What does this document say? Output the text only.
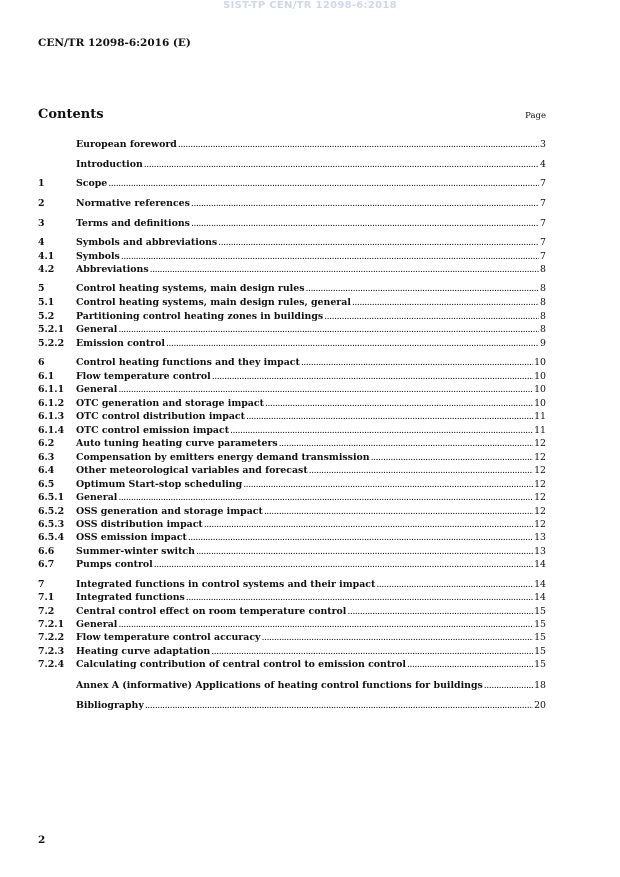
SIST-TP CEN/TR 12098-6:2018
CEN/TR 12098-6:2016 (E)
Contents	Page
European foreword .....	3
Introduction .....	4
1	Scope .....	7
2	Normative references .....	7
3	Terms and definitions .....	7
4	Symbols and abbreviations .....	7
4.1	Symbols .....	7
4.2	Abbreviations .....	8
5	Control heating systems, main design rules .....	8
5.1	Control heating systems, main design rules, general .....	8
5.2	Partitioning control heating zones in buildings .....	8
5.2.1	General .....	8
5.2.2	Emission control .....	9
6	Control heating functions and they impact .....	10
6.1	Flow temperature control .....	10
6.1.1	General .....	10
6.1.2	OTC generation and storage impact .....	10
6.1.3	OTC control distribution impact .....	11
6.1.4	OTC control emission impact .....	11
6.2	Auto tuning heating curve parameters .....	12
6.3	Compensation by emitters energy demand transmission .....	12
6.4	Other meteorological variables and forecast .....	12
6.5	Optimum Start-stop scheduling .....	12
6.5.1	General .....	12
6.5.2	OSS generation and storage impact .....	12
6.5.3	OSS distribution impact .....	12
6.5.4	OSS emission impact .....	13
6.6	Summer-winter switch .....	13
6.7	Pumps control .....	14
7	Integrated functions in control systems and their impact .....	14
7.1	Integrated functions .....	14
7.2	Central control effect on room temperature control .....	15
7.2.1	General .....	15
7.2.2	Flow temperature control accuracy .....	15
7.2.3	Heating curve adaptation .....	15
7.2.4	Calculating contribution of central control to emission control .....	15
Annex A (informative) Applications of heating control functions for buildings .....	18
Bibliography .....	20
2
